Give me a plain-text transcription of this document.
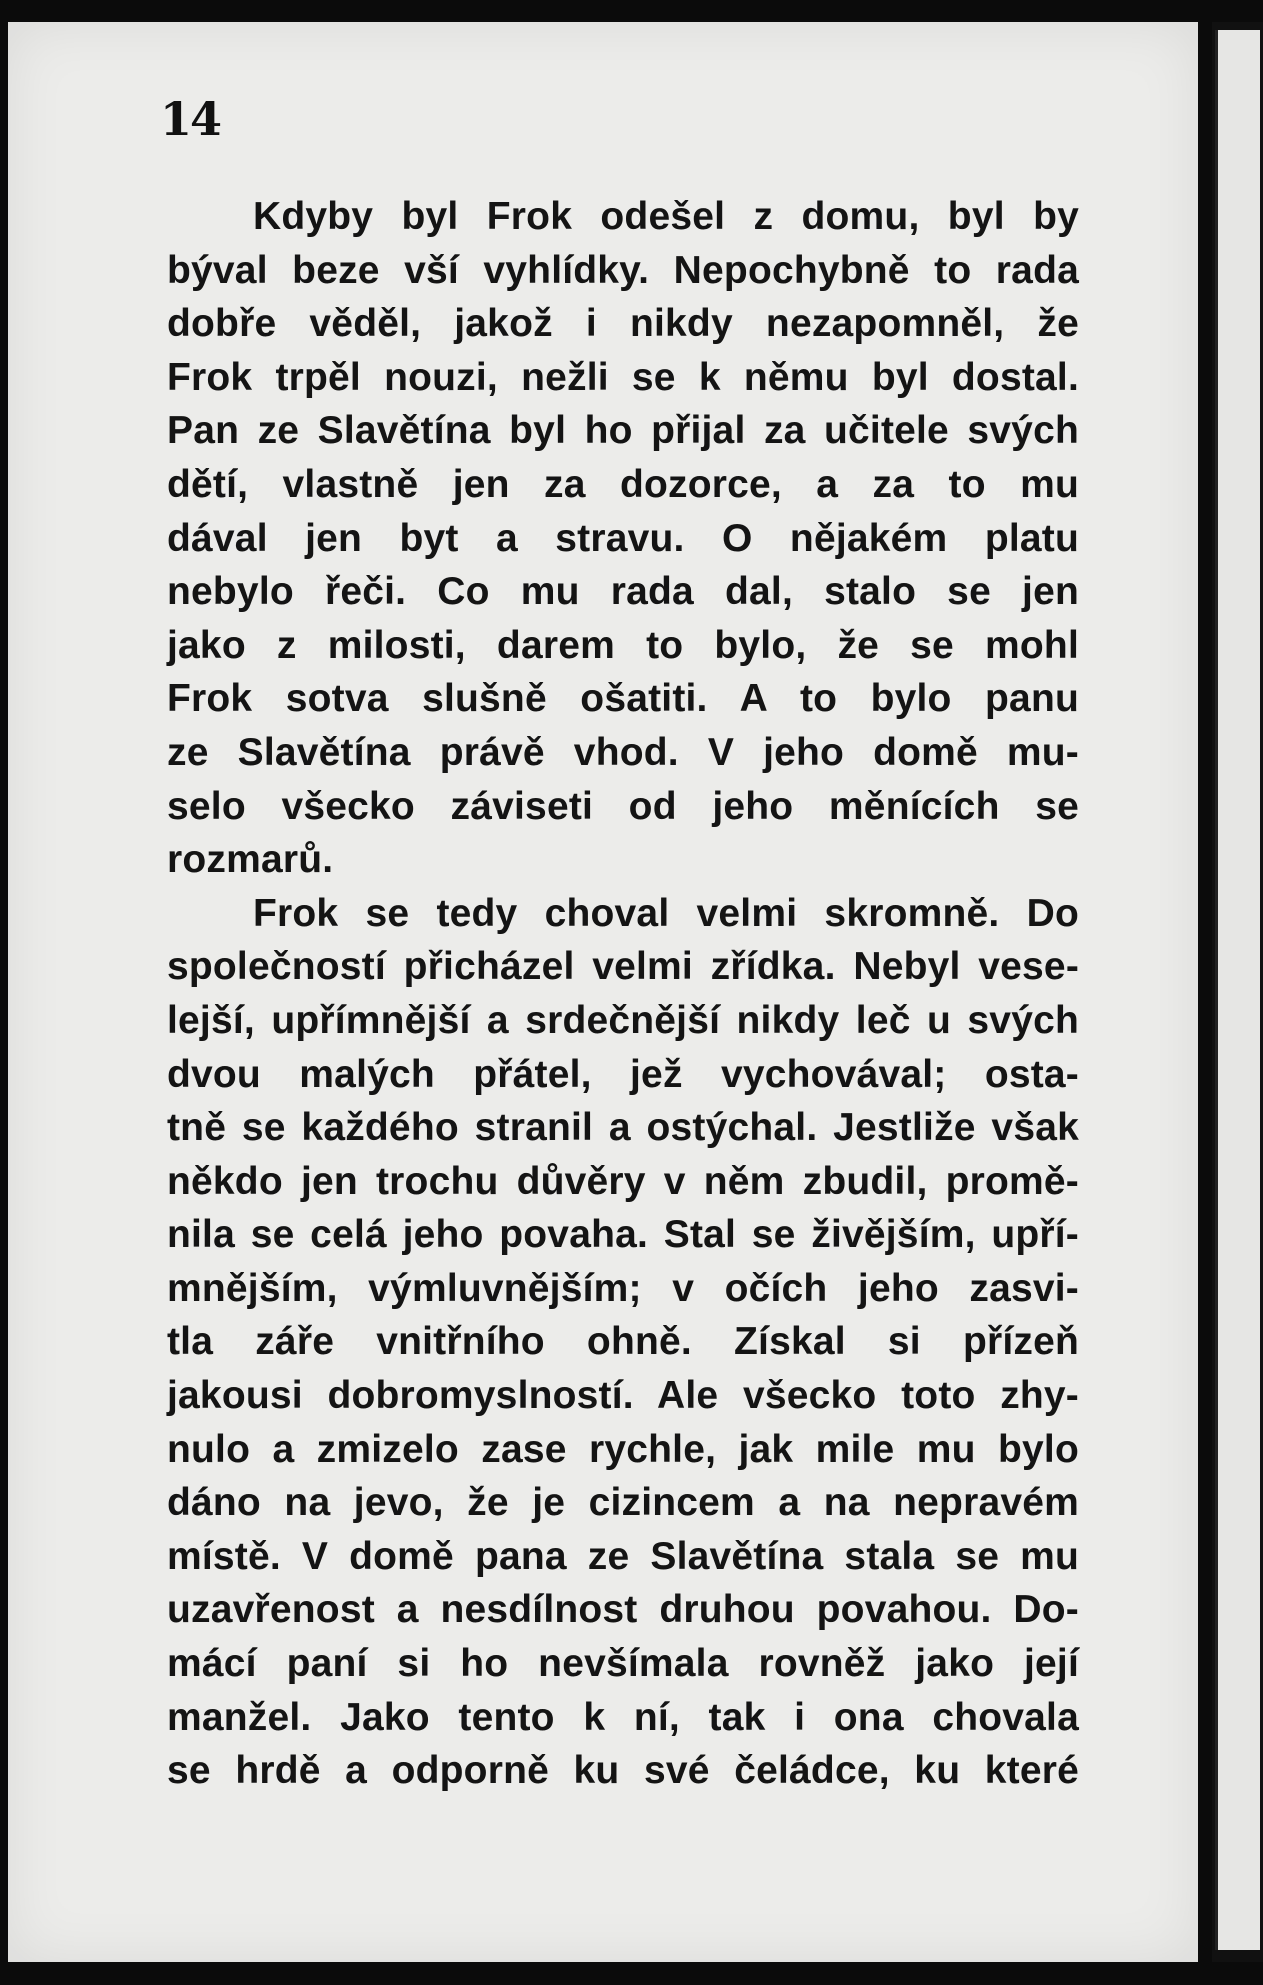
14
Kdyby byl Frok odešel z domu, byl by
býval beze vší vyhlídky. Nepochybně to rada
dobře věděl, jakož i nikdy nezapomněl, že
Frok trpěl nouzi, nežli se k němu byl dostal.
Pan ze Slavětína byl ho přijal za učitele svých
dětí, vlastně jen za dozorce, a za to mu
dával jen byt a stravu. O nějakém platu
nebylo řeči. Co mu rada dal, stalo se jen
jako z milosti, darem to bylo, že se mohl
Frok sotva slušně ošatiti. A to bylo panu
ze Slavětína právě vhod. V jeho domě mu-
selo všecko záviseti od jeho měnících se
rozmarů.
Frok se tedy choval velmi skromně. Do
společností přicházel velmi zřídka. Nebyl vese-
lejší, upřímnější a srdečnější nikdy leč u svých
dvou malých přátel, jež vychovával; osta-
tně se každého stranil a ostýchal. Jestliže však
někdo jen trochu důvěry v něm zbudil, promě-
nila se celá jeho povaha. Stal se živějším, upří-
mnějším, výmluvnějším; v očích jeho zasvi-
tla záře vnitřního ohně. Získal si přízeň
jakousi dobromyslností. Ale všecko toto zhy-
nulo a zmizelo zase rychle, jak mile mu bylo
dáno na jevo, že je cizincem a na nepravém
místě. V domě pana ze Slavětína stala se mu
uzavřenost a nesdílnost druhou povahou. Do-
mácí paní si ho nevšímala rovněž jako její
manžel. Jako tento k ní, tak i ona chovala
se hrdě a odporně ku své čeládce, ku které
